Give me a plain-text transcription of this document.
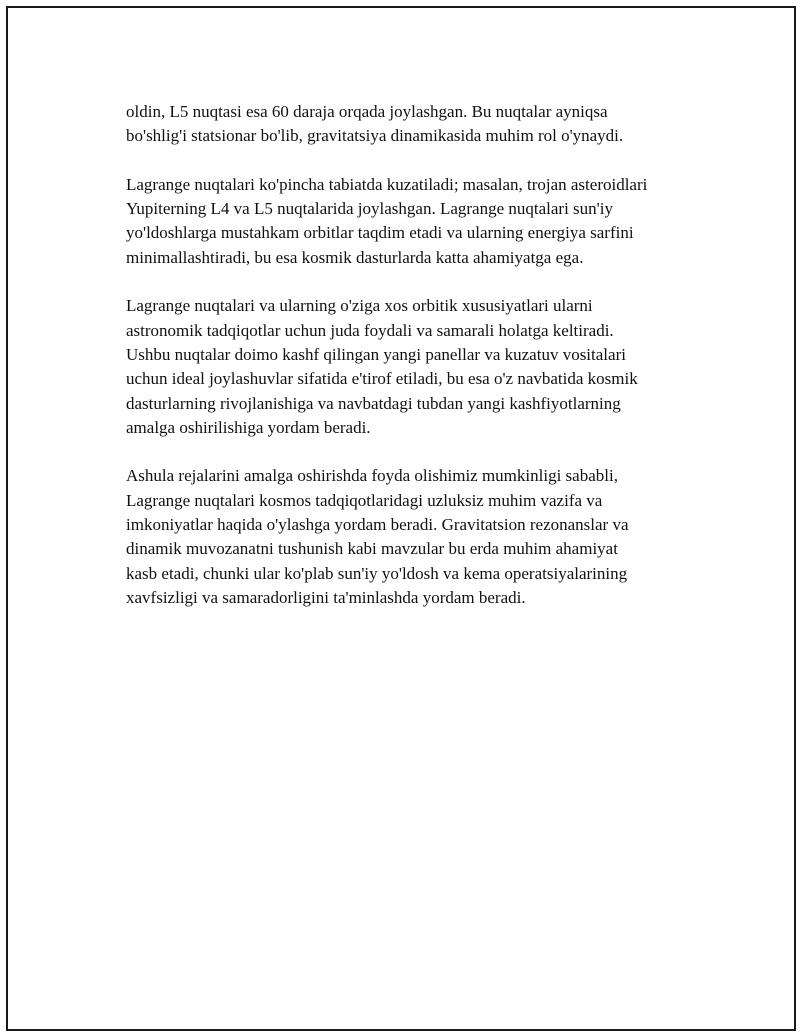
oldin, L5 nuqtasi esa 60 daraja orqada joylashgan. Bu nuqtalar ayniqsa
bo'shlig'i statsionar bo'lib, gravitatsiya dinamikasida muhim rol o'ynaydi.

Lagrange nuqtalari ko'pincha tabiatda kuzatiladi; masalan, trojan asteroidlari
Yupiterning L4 va L5 nuqtalarida joylashgan. Lagrange nuqtalari sun'iy
yo'ldoshlarga mustahkam orbitlar taqdim etadi va ularning energiya sarfini
minimallashtiradi, bu esa kosmik dasturlarda katta ahamiyatga ega.

Lagrange nuqtalari va ularning o'ziga xos orbitik xususiyatlari ularni
astronomik tadqiqotlar uchun juda foydali va samarali holatga keltiradi.
Ushbu nuqtalar doimo kashf qilingan yangi panellar va kuzatuv vositalari
uchun ideal joylashuvlar sifatida e'tirof etiladi, bu esa o'z navbatida kosmik
dasturlarning rivojlanishiga va navbatdagi tubdan yangi kashfiyotlarning
amalga oshirilishiga yordam beradi.

Ashula rejalarini amalga oshirishda foyda olishimiz mumkinligi sababli,
Lagrange nuqtalari kosmos tadqiqotlaridagi uzluksiz muhim vazifa va
imkoniyatlar haqida o'ylashga yordam beradi. Gravitatsion rezonanslar va
dinamik muvozanatni tushunish kabi mavzular bu erda muhim ahamiyat
kasb etadi, chunki ular ko'plab sun'iy yo'ldosh va kema operatsiyalarining
xavfsizligi va samaradorligini ta'minlashda yordam beradi.
